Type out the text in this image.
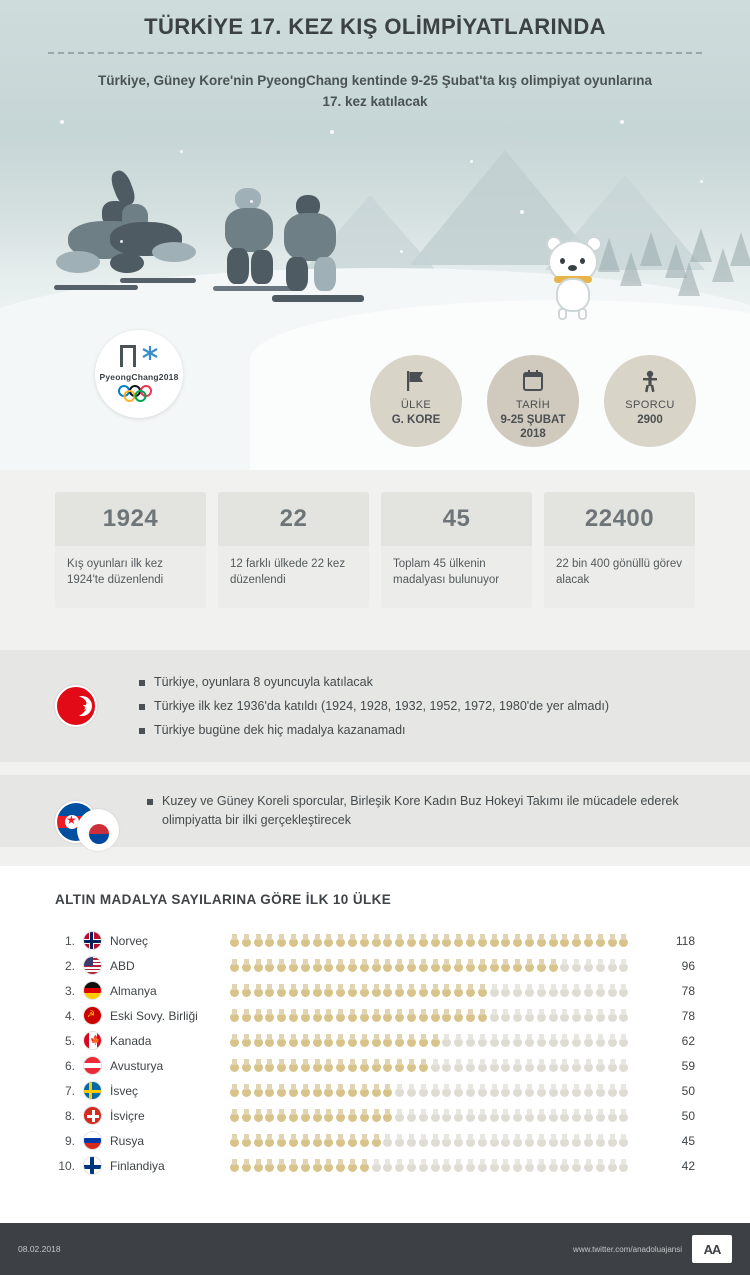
TÜRKİYE 17. KEZ KIŞ OLİMPİYATLARINDA
Türkiye, Güney Kore'nin PyeongChang kentinde 9-25 Şubat'ta kış olimpiyat oyunlarına 17. kez katılacak
PyeongChang2018
ÜLKE
G. KORE
TARİH
9-25 ŞUBAT 2018
SPORCU
2900
1924
Kış oyunları ilk kez 1924'te düzenlendi
22
12 farklı ülkede 22 kez düzenlendi
45
Toplam 45 ülkenin madalyası bulunuyor
22400
22 bin 400 gönüllü görev alacak
★
Türkiye, oyunlara 8 oyuncuyla katılacak
Türkiye ilk kez 1936'da katıldı (1924, 1928, 1932, 1952, 1972, 1980'de yer almadı)
Türkiye bugüne dek hiç madalya kazanamadı
★
Kuzey ve Güney Koreli sporcular, Birleşik Kore Kadın Buz Hokeyi Takımı ile mücadele ederek olimpiyatta bir ilki gerçekleştirecek
ALTIN MADALYA SAYILARINA GÖRE İLK 10 ÜLKE
1.	Norveç	118
2.	ABD	96
3.	Almanya	78
4.	☭ Eski Sovy. Birliği	78
5.	🍁 Kanada	62
6.	Avusturya	59
7.	İsveç	50
8.	İsviçre	50
9.	Rusya	45
10.	Finlandiya	42
08.02.2018	www.twitter.com/anadoluajansi	AA
